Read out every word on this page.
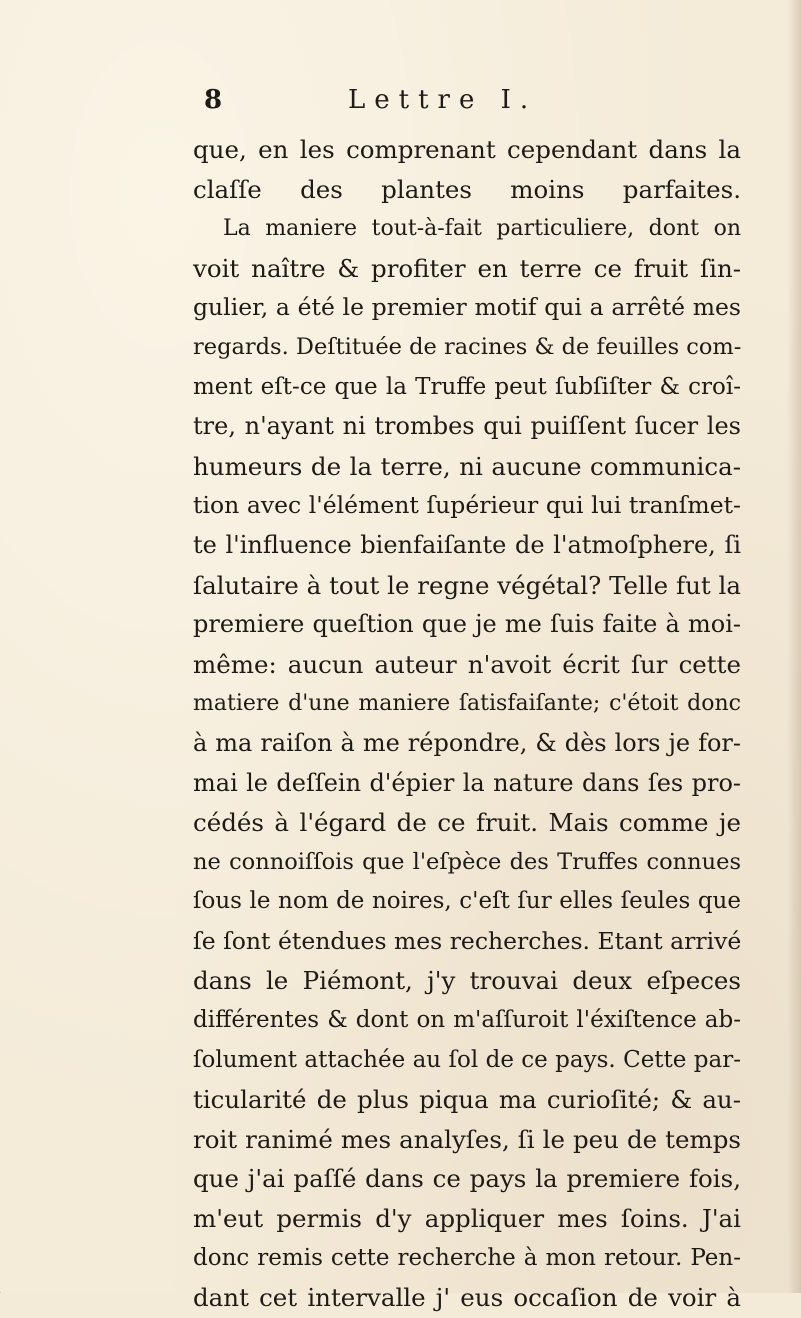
8	Lettre I.
que, en les comprenant cependant dans la
claſſe des plantes moins parfaites.
La maniere tout-à-fait particuliere, dont on
voit naître & profiter en terre ce fruit ſin-
gulier, a été le premier motif qui a arrêté mes
regards. Deſtituée de racines & de feuilles com-
ment eſt-ce que la Truffe peut ſubſiſter & croî-
tre, n'ayant ni trombes qui puiſſent ſucer les
humeurs de la terre, ni aucune communica-
tion avec l'élément ſupérieur qui lui tranſmet-
te l'influence bienfaiſante de l'atmoſphere, ſi
ſalutaire à tout le regne végétal? Telle fut la
premiere queſtion que je me ſuis faite à moi-
même: aucun auteur n'avoit écrit ſur cette
matiere d'une maniere ſatisfaiſante; c'étoit donc
à ma raiſon à me répondre, & dès lors je for-
mai le deſſein d'épier la nature dans ſes pro-
cédés à l'égard de ce fruit. Mais comme je
ne connoiſſois que l'eſpèce des Truffes connues
ſous le nom de noires, c'eſt ſur elles ſeules que
ſe ſont étendues mes recherches. Etant arrivé
dans le Piémont, j'y trouvai deux eſpeces
différentes & dont on m'aſſuroit l'éxiſtence ab-
ſolument attachée au ſol de ce pays. Cette par-
ticularité de plus piqua ma curioſité; & au-
roit ranimé mes analyſes, ſi le peu de temps
que j'ai paſſé dans ce pays la premiere fois,
m'eut permis d'y appliquer mes ſoins. J'ai
donc remis cette recherche à mon retour. Pen-
dant cet intervalle j' eus occaſion de voir à
